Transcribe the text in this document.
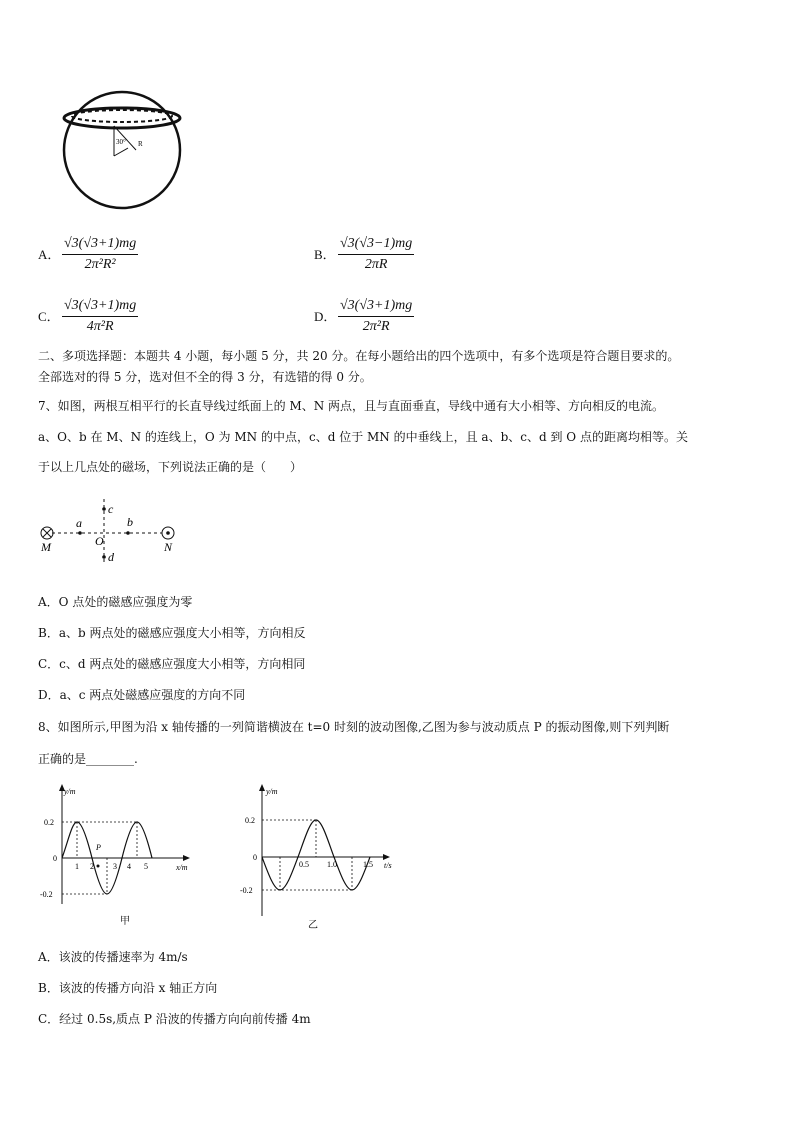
30° R
A． $\frac{√3(√3+1)mg}{\text{2π²R²}}$	B． $\frac{√3(√3-1)mg}{2\pi R}$
C． $\frac{√3(√3+1)mg}{\text{4π²R}}$	D． $\frac{√3(√3+1)mg}{\text{2π²R}}$
二、多项选择题：本题共 4 小题，每小题 5 分，共 20 分。在每小题给出的四个选项中，有多个选项是符合题目要求的。
全部选对的得 5 分，选对但不全的得 3 分，有选错的得 0 分。
7、如图，两根互相平行的长直导线过纸面上的 M、N 两点，且与直面垂直，导线中通有大小相等、方向相反的电流。
a、O、b 在 M、N 的连线上，O 为 MN 的中点，c、d 位于 MN 的中垂线上，且 a、b、c、d 到 O 点的距离均相等。关
于以上几点处的磁场，下列说法正确的是（　　）
M	N
O
a	b
c
d
A．O 点处的磁感应强度为零
B．a、b 两点处的磁感应强度大小相等，方向相反
C．c、d 两点处的磁感应强度大小相等，方向相同
D．a、c 两点处磁感应强度的方向不同
8、如图所示,甲图为沿 x 轴传播的一列简谐横波在 t=0 时刻的波动图像,乙图为参与波动质点 P 的振动图像,则下列判断
正确的是________.
y/m
x/m
0.2
0
-0.2
1 2 3 4 5
P
甲
y/m
t/s
0.2
0
-0.2
0.5 1.0	1.5
乙
A．该波的传播速率为 4m/s
B．该波的传播方向沿 x 轴正方向
C．经过 0.5s,质点 P 沿波的传播方向向前传播 4m
